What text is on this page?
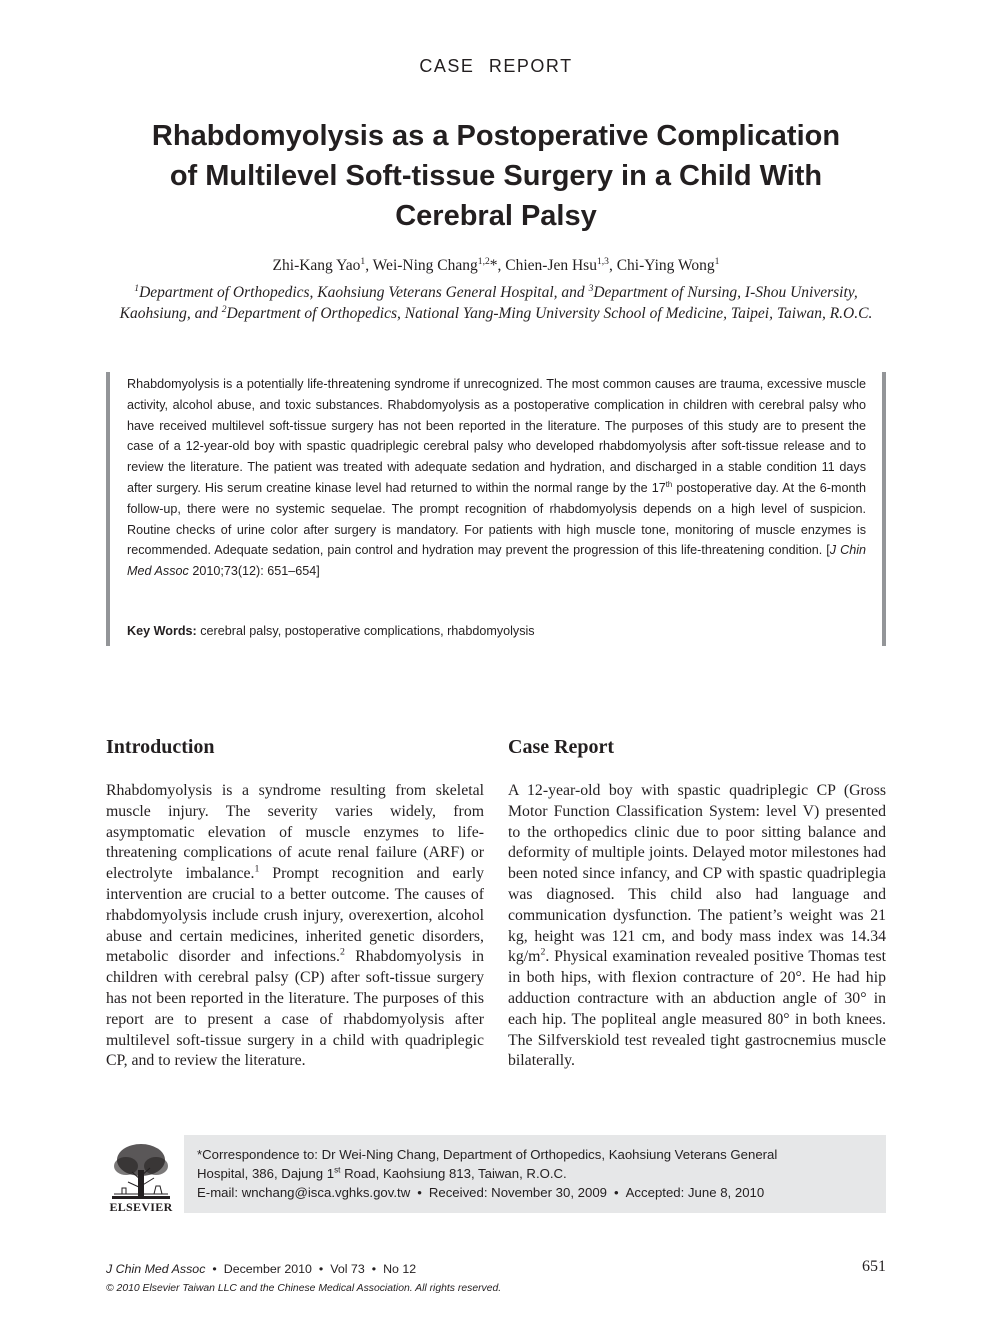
CASE REPORT
Rhabdomyolysis as a Postoperative Complication
of Multilevel Soft-tissue Surgery in a Child With
Cerebral Palsy
Zhi-Kang Yao$^1$, Wei-Ning Chang$^{1,2}$*, Chien-Jen Hsu$^{1,3}$, Chi-Ying Wong$^1$
$^1$Department of Orthopedics, Kaohsiung Veterans General Hospital, and $^3$Department of Nursing, I-Shou University,
Kaohsiung, and $^2$Department of Orthopedics, National Yang-Ming University School of Medicine, Taipei, Taiwan, R.O.C.
Rhabdomyolysis is a potentially life-threatening syndrome if unrecognized. The most common causes are trauma, excessive muscle activity, alcohol abuse, and toxic substances. Rhabdomyolysis as a postoperative complication in children with cerebral palsy who have received multilevel soft-tissue surgery has not been reported in the literature. The purposes of this study are to present the case of a 12-year-old boy with spastic quadriplegic cerebral palsy who developed rhabdomyolysis after soft-tissue release and to review the literature. The patient was treated with adequate sedation and hydration, and discharged in a stable condition 11 days after surgery. His serum creatine kinase level had returned to within the normal range by the 17th postoperative day. At the 6-month follow-up, there were no systemic sequelae. The prompt recognition of rhabdomyolysis depends on a high level of suspicion. Routine checks of urine color after surgery is mandatory. For patients with high muscle tone, monitoring of muscle enzymes is recommended. Adequate sedation, pain control and hydration may prevent the progression of this life-threatening condition. [J Chin Med Assoc 2010;73(12): 651–654]
Key Words: cerebral palsy, postoperative complications, rhabdomyolysis
Introduction

Rhabdomyolysis is a syndrome resulting from skeletal muscle injury. The severity varies widely, from asymptomatic elevation of muscle enzymes to life-threatening complications of acute renal failure (ARF) or electrolyte imbalance.$^1$ Prompt recognition and early intervention are crucial to a better outcome. The causes of rhabdomyolysis include crush injury, overexertion, alcohol abuse and certain medicines, inherited genetic disorders, metabolic disorder and infections.$^2$ Rhabdomyolysis in children with cerebral palsy (CP) after soft-tissue surgery has not been reported in the literature. The purposes of this report are to present a case of rhabdomyolysis after multilevel soft-tissue surgery in a child with quadriplegic CP, and to review the literature.

Case Report

A 12-year-old boy with spastic quadriplegic CP (Gross Motor Function Classification System: level V) presented to the orthopedics clinic due to poor sitting balance and deformity of multiple joints. Delayed motor milestones had been noted since infancy, and CP with spastic quadriplegia was diagnosed. This child also had language and communication dysfunction. The patient’s weight was 21 kg, height was 121 cm, and body mass index was 14.34 $kg/m^2$. Physical examination revealed positive Thomas test in both hips, with flexion contracture of 20°. He had hip adduction contracture with an abduction angle of 30° in each hip. The popliteal angle measured 80° in both knees. The Silfverskiold test revealed tight gastrocnemius muscle bilaterally.

ELSEVIER
*Correspondence to: Dr Wei-Ning Chang, Department of Orthopedics, Kaohsiung Veterans General
Hospital, 386, Dajung 1st Road, Kaohsiung 813, Taiwan, R.O.C.
E-mail: wnchang@isca.vghks.gov.tw • Received: November 30, 2009 • Accepted: June 8, 2010
J Chin Med Assoc • December 2010 • Vol 73 • No 12
© 2010 Elsevier Taiwan LLC and the Chinese Medical Association. All rights reserved.
651
